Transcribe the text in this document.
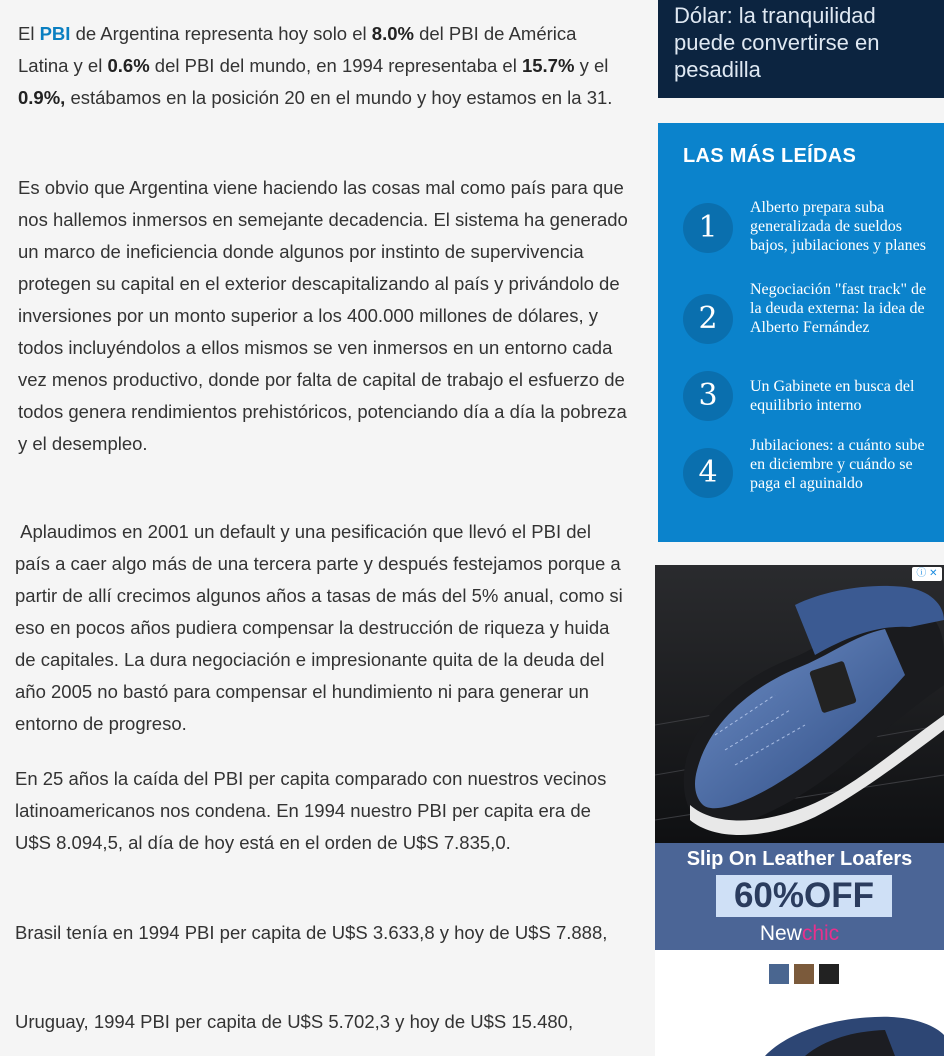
El PBI de Argentina representa hoy solo el 8.0% del PBI de América Latina y el 0.6% del PBI del mundo, en 1994 representaba el 15.7% y el 0.9%, estábamos en la posición 20 en el mundo y hoy estamos en la 31.

Es obvio que Argentina viene haciendo las cosas mal como país para que nos hallemos inmersos en semejante decadencia. El sistema ha generado un marco de ineficiencia donde algunos por instinto de supervivencia protegen su capital en el exterior descapitalizando al país y privándolo de inversiones por un monto superior a los 400.000 millones de dólares, y todos incluyéndolos a ellos mismos se ven inmersos en un entorno cada vez menos productivo, donde por falta de capital de trabajo el esfuerzo de todos genera rendimientos prehistóricos, potenciando día a día la pobreza y el desempleo.

Aplaudimos en 2001 un default y una pesificación que llevó el PBI del país a caer algo más de una tercera parte y después festejamos porque a partir de allí crecimos algunos años a tasas de más del 5% anual, como si eso en pocos años pudiera compensar la destrucción de riqueza y huida de capitales. La dura negociación e impresionante quita de la deuda del año 2005 no bastó para compensar el hundimiento ni para generar un entorno de progreso.

En 25 años la caída del PBI per capita comparado con nuestros vecinos latinoamericanos nos condena. En 1994 nuestro PBI per capita era de U$S 8.094,5, al día de hoy está en el orden de U$S 7.835,0.

Brasil tenía en 1994 PBI per capita de U$S 3.633,8 y hoy de U$S 7.888,

Uruguay, 1994 PBI per capita de U$S 5.702,3 y hoy de U$S 15.480,

Dólar: la tranquilidad puede convertirse en pesadilla
LAS MÁS LEÍDAS
1
Alberto prepara suba generalizada de sueldos bajos, jubilaciones y planes
2
Negociación "fast track" de la deuda externa: la idea de Alberto Fernández
3	Un Gabinete en busca del equilibrio interno
4
Jubilaciones: a cuánto sube en diciembre y cuándo se paga el aguinaldo
ⓘ ✕
Slip On Leather Loafers
60%OFF
Newchic
